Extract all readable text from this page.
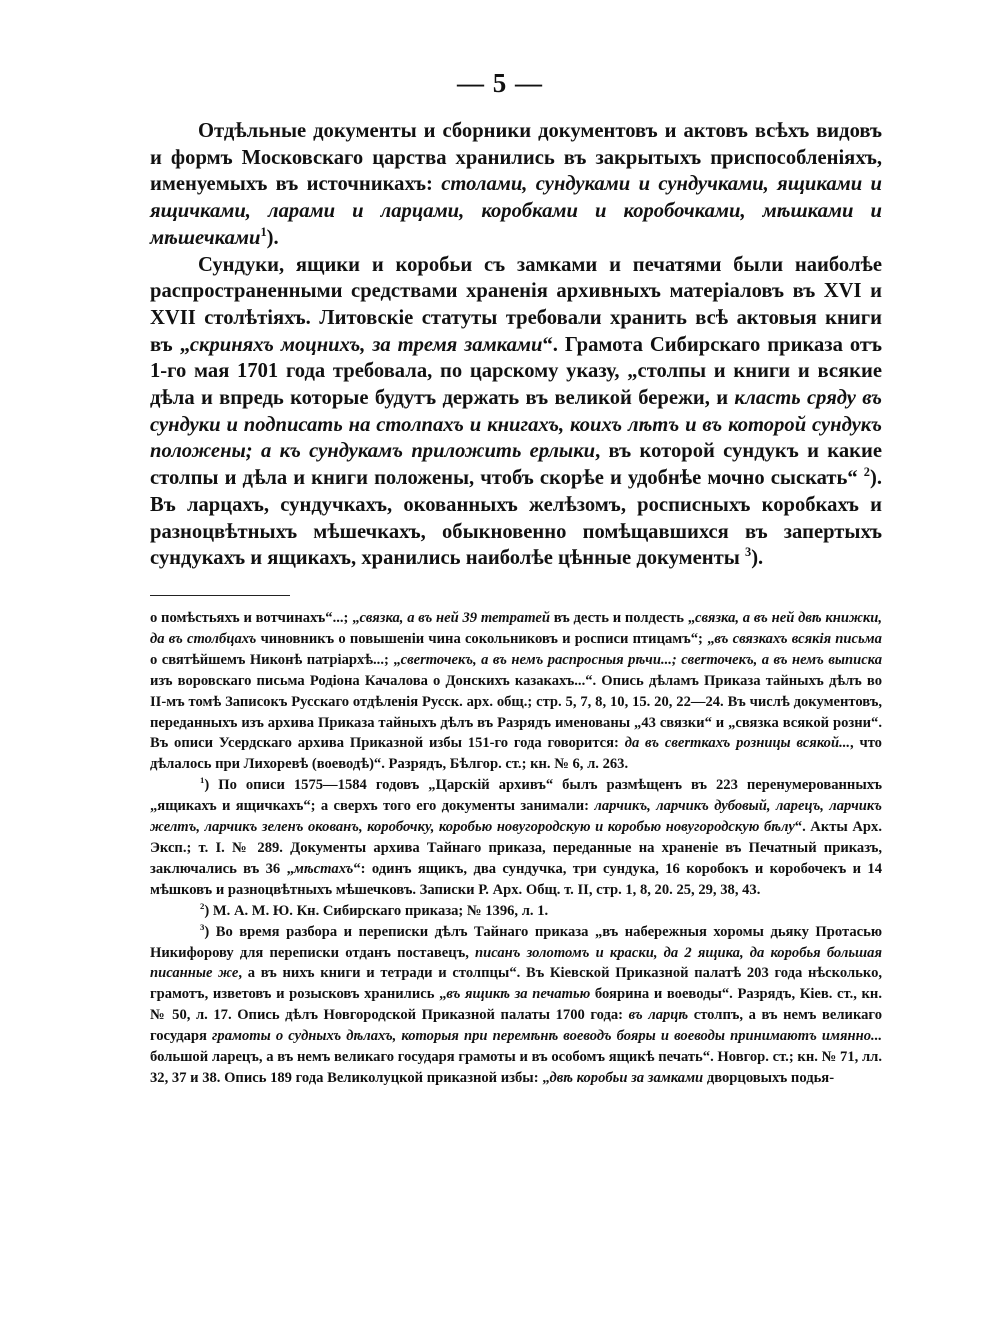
— 5 —

Отдѣльные документы и сборники документовъ и актовъ всѣхъ видовъ и формъ Московскаго царства хранились въ закрытыхъ приспособленіяхъ, именуемыхъ въ источникахъ: столами, сундуками и сундучками, ящиками и ящичками, ларами и ларцами, коробками и коробочками, мѣшками и мѣшечками$^1$).

Сундуки, ящики и коробьи съ замками и печатями были наиболѣе распространенными средствами храненія архивныхъ матеріаловъ въ XVI и XVII столѣтіяхъ. Литовскіе статуты требовали хранить всѣ актовыя книги въ „скриняхъ моцнихъ, за тремя замками“. Грамота Сибирскаго приказа отъ 1-го мая 1701 года требовала, по царскому указу, „столпы и книги и всякие дѣла и впредь которые будутъ держать въ великой бережи, и класть сряду въ сундуки и подписать на столпахъ и книгахъ, коихъ лѣтъ и въ которой сундукъ положены; а къ сундукамъ приложить ерлыки, въ которой сундукъ и какие столпы и дѣла и книги положены, чтобъ скорѣе и удобнѣе мочно сыскать“ $^2$). Въ ларцахъ, сундучкахъ, окованныхъ желѣзомъ, росписныхъ коробкахъ и разноцвѣтныхъ мѣшечкахъ, обыкновенно помѣщавшихся въ запертыхъ сундукахъ и ящикахъ, хранились наиболѣе цѣнные документы $^3$).

о помѣстьяхъ и вотчинахъ“...; „связка, а въ ней 39 тетратей въ десть и полдесть „связка, а въ ней двѣ книжки, да въ столбцахъ чиновникъ о повышеніи чина сокольниковъ и росписи птицамъ“; „въ связкахъ всякія письма о святѣйшемъ Никонѣ патріархѣ...; „свerточекъ, а въ немъ распросныя рѣчи...; свerточекъ, а въ немъ выписка изъ воровскаго письма Родіона Качалова о Донскихъ казакахъ...“. Опись дѣламъ Приказа тайныхъ дѣлъ во II-мъ томѣ Записокъ Русскаго отдѣленія Русск. арх. общ.; стр. 5, 7, 8, 10, 15. 20, 22—24. Въ числѣ документовъ, переданныхъ изъ архива Приказа тайныхъ дѣлъ въ Разрядъ именованы „43 связки“ и „связка всякой розни“. Въ описи Усердскаго архива Приказной избы 151-го года говорится: да въ свerткахъ розницы всякой..., что дѣлалось при Лихоревѣ (воеводѣ)“. Разрядъ, Бѣлгор. ст.; кн. № 6, л. 263.

$^1$) По описи 1575—1584 годовъ „Царскій архивъ“ былъ размѣщенъ въ 223 перенумерованныхъ „ящикахъ и ящичкахъ“; а сверхъ того его документы занимали: ларчикъ, ларчикъ дубовый, ларецъ, ларчикъ желтъ, ларчикъ зеленъ окованъ, коробочку, коробью новугородскую и коробью новугородскую бѣлу“. Акты Арх. Эксп.; т. I. № 289. Документы архива Тайнаго приказа, переданные на храненіе въ Печатный приказъ, заключались въ 36 „мѣстахъ“: одинъ ящикъ, два сундучка, три сундука, 16 коробокъ и коробочекъ и 14 мѣшковъ и разноцвѣтныхъ мѣшечковъ. Записки Р. Арх. Общ. т. II, стр. 1, 8, 20. 25, 29, 38, 43.

$^2$) М. А. М. Ю. Кн. Сибирскаго приказа; № 1396, л. 1.

$^3$) Во время разбора и переписки дѣлъ Тайнаго приказа „въ набережныя хоромы дьяку Протасью Никифорову для переписки отданъ поставецъ, писанъ золотомъ и краски, да 2 ящика, да коробья большая писанные же, а въ нихъ книги и тетради и столпцы“. Въ Кіевской Приказной палатѣ 203 года нѣсколько, грамотъ, изветовъ и розысковъ хранились „въ ящикѣ за печатью боярина и воеводы“. Разрядъ, Кіев. ст., кн. № 50, л. 17. Опись дѣлъ Новгородской Приказной палаты 1700 года: въ ларцѣ столпъ, а въ немъ великаго государя грамоты о судныхъ дѣлахъ, которыя при перемѣнѣ воеводъ бояры и воеводы принимаютъ имянно... большой ларецъ, а въ немъ великаго государя грамоты и въ особомъ ящикѣ печать“. Новгор. ст.; кн. № 71, лл. 32, 37 и 38. Опись 189 года Великолуцкой приказной избы: „двѣ коробьи за замками дворцовыхъ подья-
